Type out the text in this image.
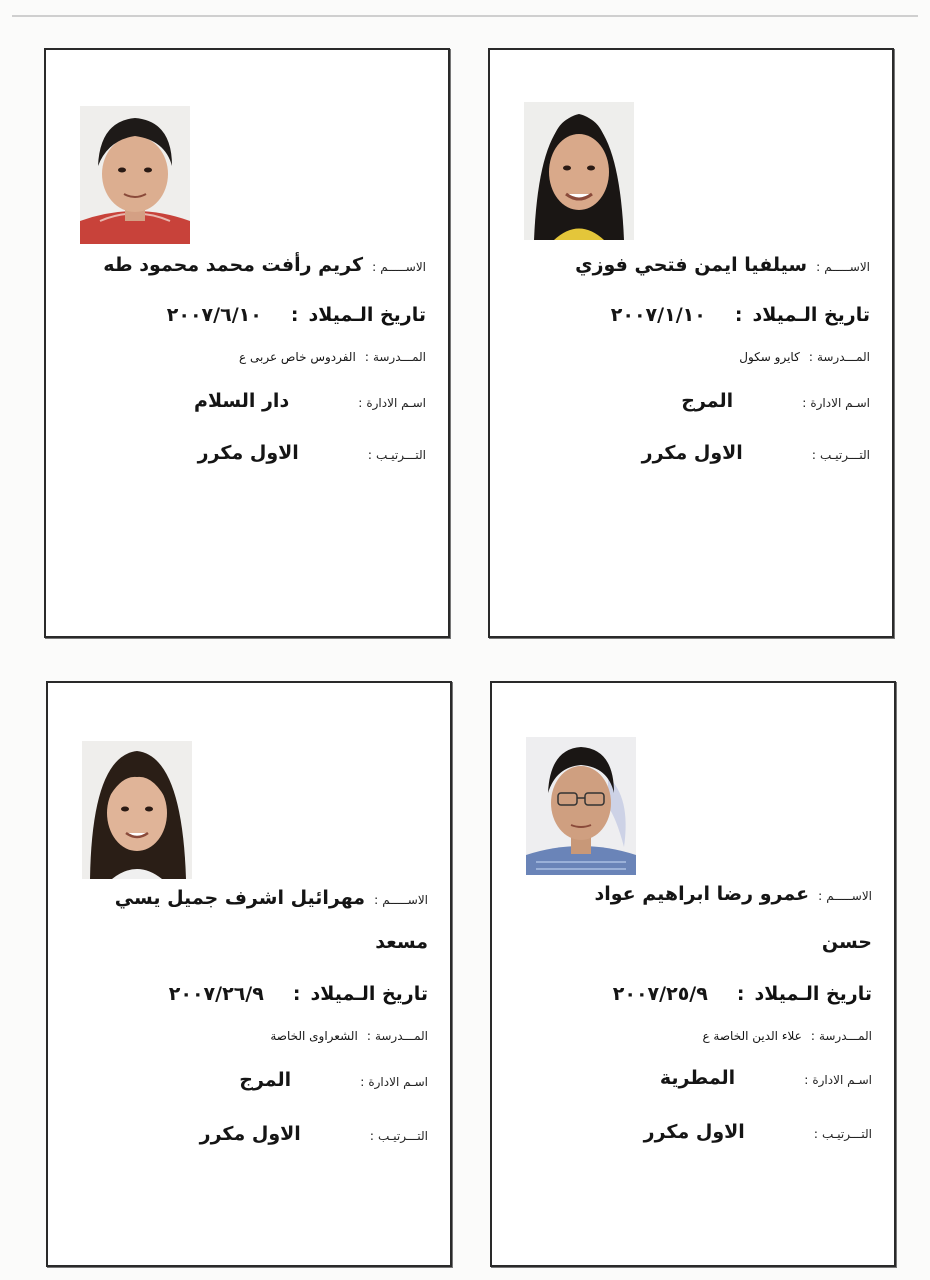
الاســـــم: سيلفيا ايمن فتحي فوزي
تاريخ الـميلاد: ٢٠٠٧/١/١٠
المـــدرسة: كايرو سكول
اسـم الادارة: المرج
التـــرتيـب: الاول مكرر
الاســـــم: كريم رأفت محمد محمود طه
تاريخ الـميلاد: ٢٠٠٧/٦/١٠
المـــدرسة: الفردوس خاص عربى ع
اسـم الادارة: دار السلام
التـــرتيـب: الاول مكرر
الاســـــم: عمرو رضا ابراهيم عواد
حسن
تاريخ الـميلاد: ٢٠٠٧/٢٥/٩
المـــدرسة: علاء الدين الخاصة ع
اسـم الادارة: المطرية
التـــرتيـب: الاول مكرر
الاســـــم: مهرائيل اشرف جميل يسي
مسعد
تاريخ الـميلاد: ٢٠٠٧/٢٦/٩
المـــدرسة: الشعراوى الخاصة
اسـم الادارة: المرج
التـــرتيـب: الاول مكرر
